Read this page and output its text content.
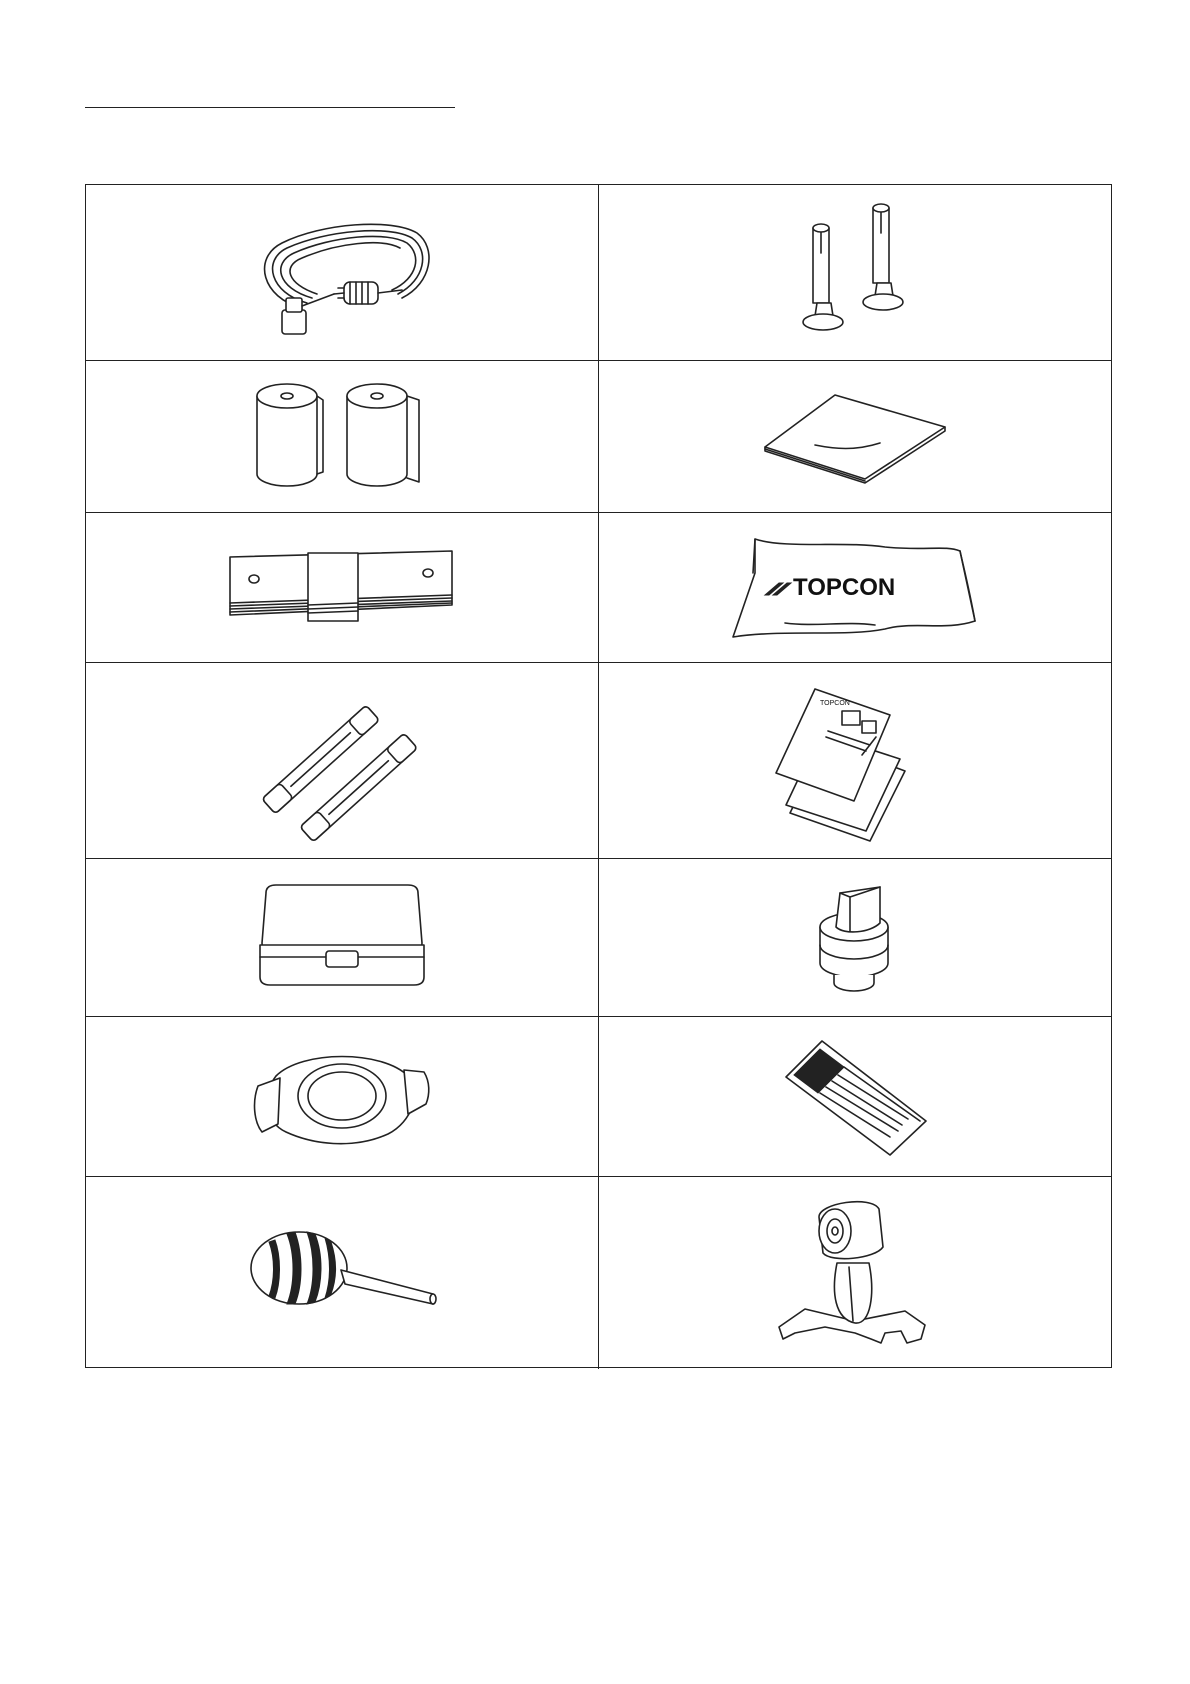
TOPCON
TOPCON
